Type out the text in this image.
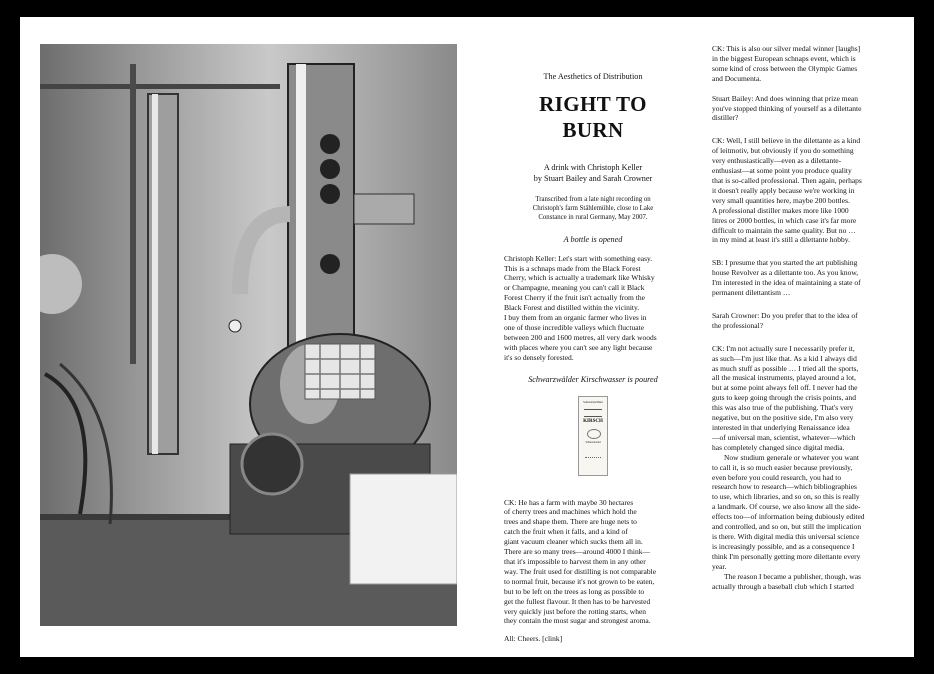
The Aesthetics of Distribution
RIGHT TO
BURN
A drink with Christoph Keller
by Stuart Bailey and Sarah Crowner
Transcribed from a late night recording on
Christoph's farm Stählemühle, close to Lake
Constance in rural Germany, May 2007.
A bottle is opened

Christoph Keller: Let's start with something easy.

This is a schnaps made from the Black Forest

Cherry, which is actually a trademark like Whisky

or Champagne, meaning you can't call it Black

Forest Cherry if the fruit isn't actually from the

Black Forest and distilled within the vicinity.

I buy them from an organic farmer who lives in

one of those incredible valleys which fluctuate

between 200 and 1600 metres, all very dark woods

with places where you can't see any light because

it's so densely forested.

Schwarzwälder Kirschwasser is poured
Schwarzwälder
KIRSCH
Schwarzwald

CK: He has a farm with maybe 30 hectares

of cherry trees and machines which hold the

trees and shape them. There are huge nets to

catch the fruit when it falls, and a kind of

giant vacuum cleaner which sucks them all in.

There are so many trees—around 4000 I think—

that it's impossible to harvest them in any other

way. The fruit used for distilling is not comparable

to normal fruit, because it's not grown to be eaten,

but to be left on the trees as long as possible to

get the fullest flavour. It then has to be harvested

very quickly just before the rotting starts, when

they contain the most sugar and strongest aroma.

All: Cheers. [clink]

CK: This is also our silver medal winner [laughs]

in the biggest European schnaps event, which is

some kind of cross between the Olympic Games

and Documenta.

Stuart Bailey: And does winning that prize mean

you've stopped thinking of yourself as a dilettante

distiller?

CK: Well, I still believe in the dilettante as a kind

of leitmotiv, but obviously if you do something

very enthusiastically—even as a dilettante-

enthusiast—at some point you produce quality

that is so-called professional. Then again, perhaps

it doesn't really apply because we're working in

very small quantities here, maybe 200 bottles.

A professional distiller makes more like 1000

litres or 2000 bottles, in which case it's far more

difficult to maintain the same quality. But no …

in my mind at least it's still a dilettante hobby.

SB: I presume that you started the art publishing

house Revolver as a dilettante too. As you know,

I'm interested in the idea of maintaining a state of

permanent dilettantism …

Sarah Crowner: Do you prefer that to the idea of

the professional?

CK: I'm not actually sure I necessarily prefer it,

as such—I'm just like that. As a kid I always did

as much stuff as possible … I tried all the sports,

all the musical instruments, played around a lot,

but at some point always fell off. I never had the

guts to keep going through the crisis points, and

this was also true of the publishing. That's very

negative, but on the positive side, I'm also very

interested in that underlying Renaissance idea

—of universal man, scientist, whatever—which

has completely changed since digital media.

Now studium generale or whatever you want

to call it, is so much easier because previously,

even before you could research, you had to

research how to research—which bibliographies

to use, which libraries, and so on, so this is really

a landmark. Of course, we also know all the side-

effects too—of information being dubiously edited

and controlled, and so on, but still the implication

is there. With digital media this universal science

is increasingly possible, and as a consequence I

think I'm personally getting more dilettante every

year.

The reason I became a publisher, though, was

actually through a baseball club which I started
